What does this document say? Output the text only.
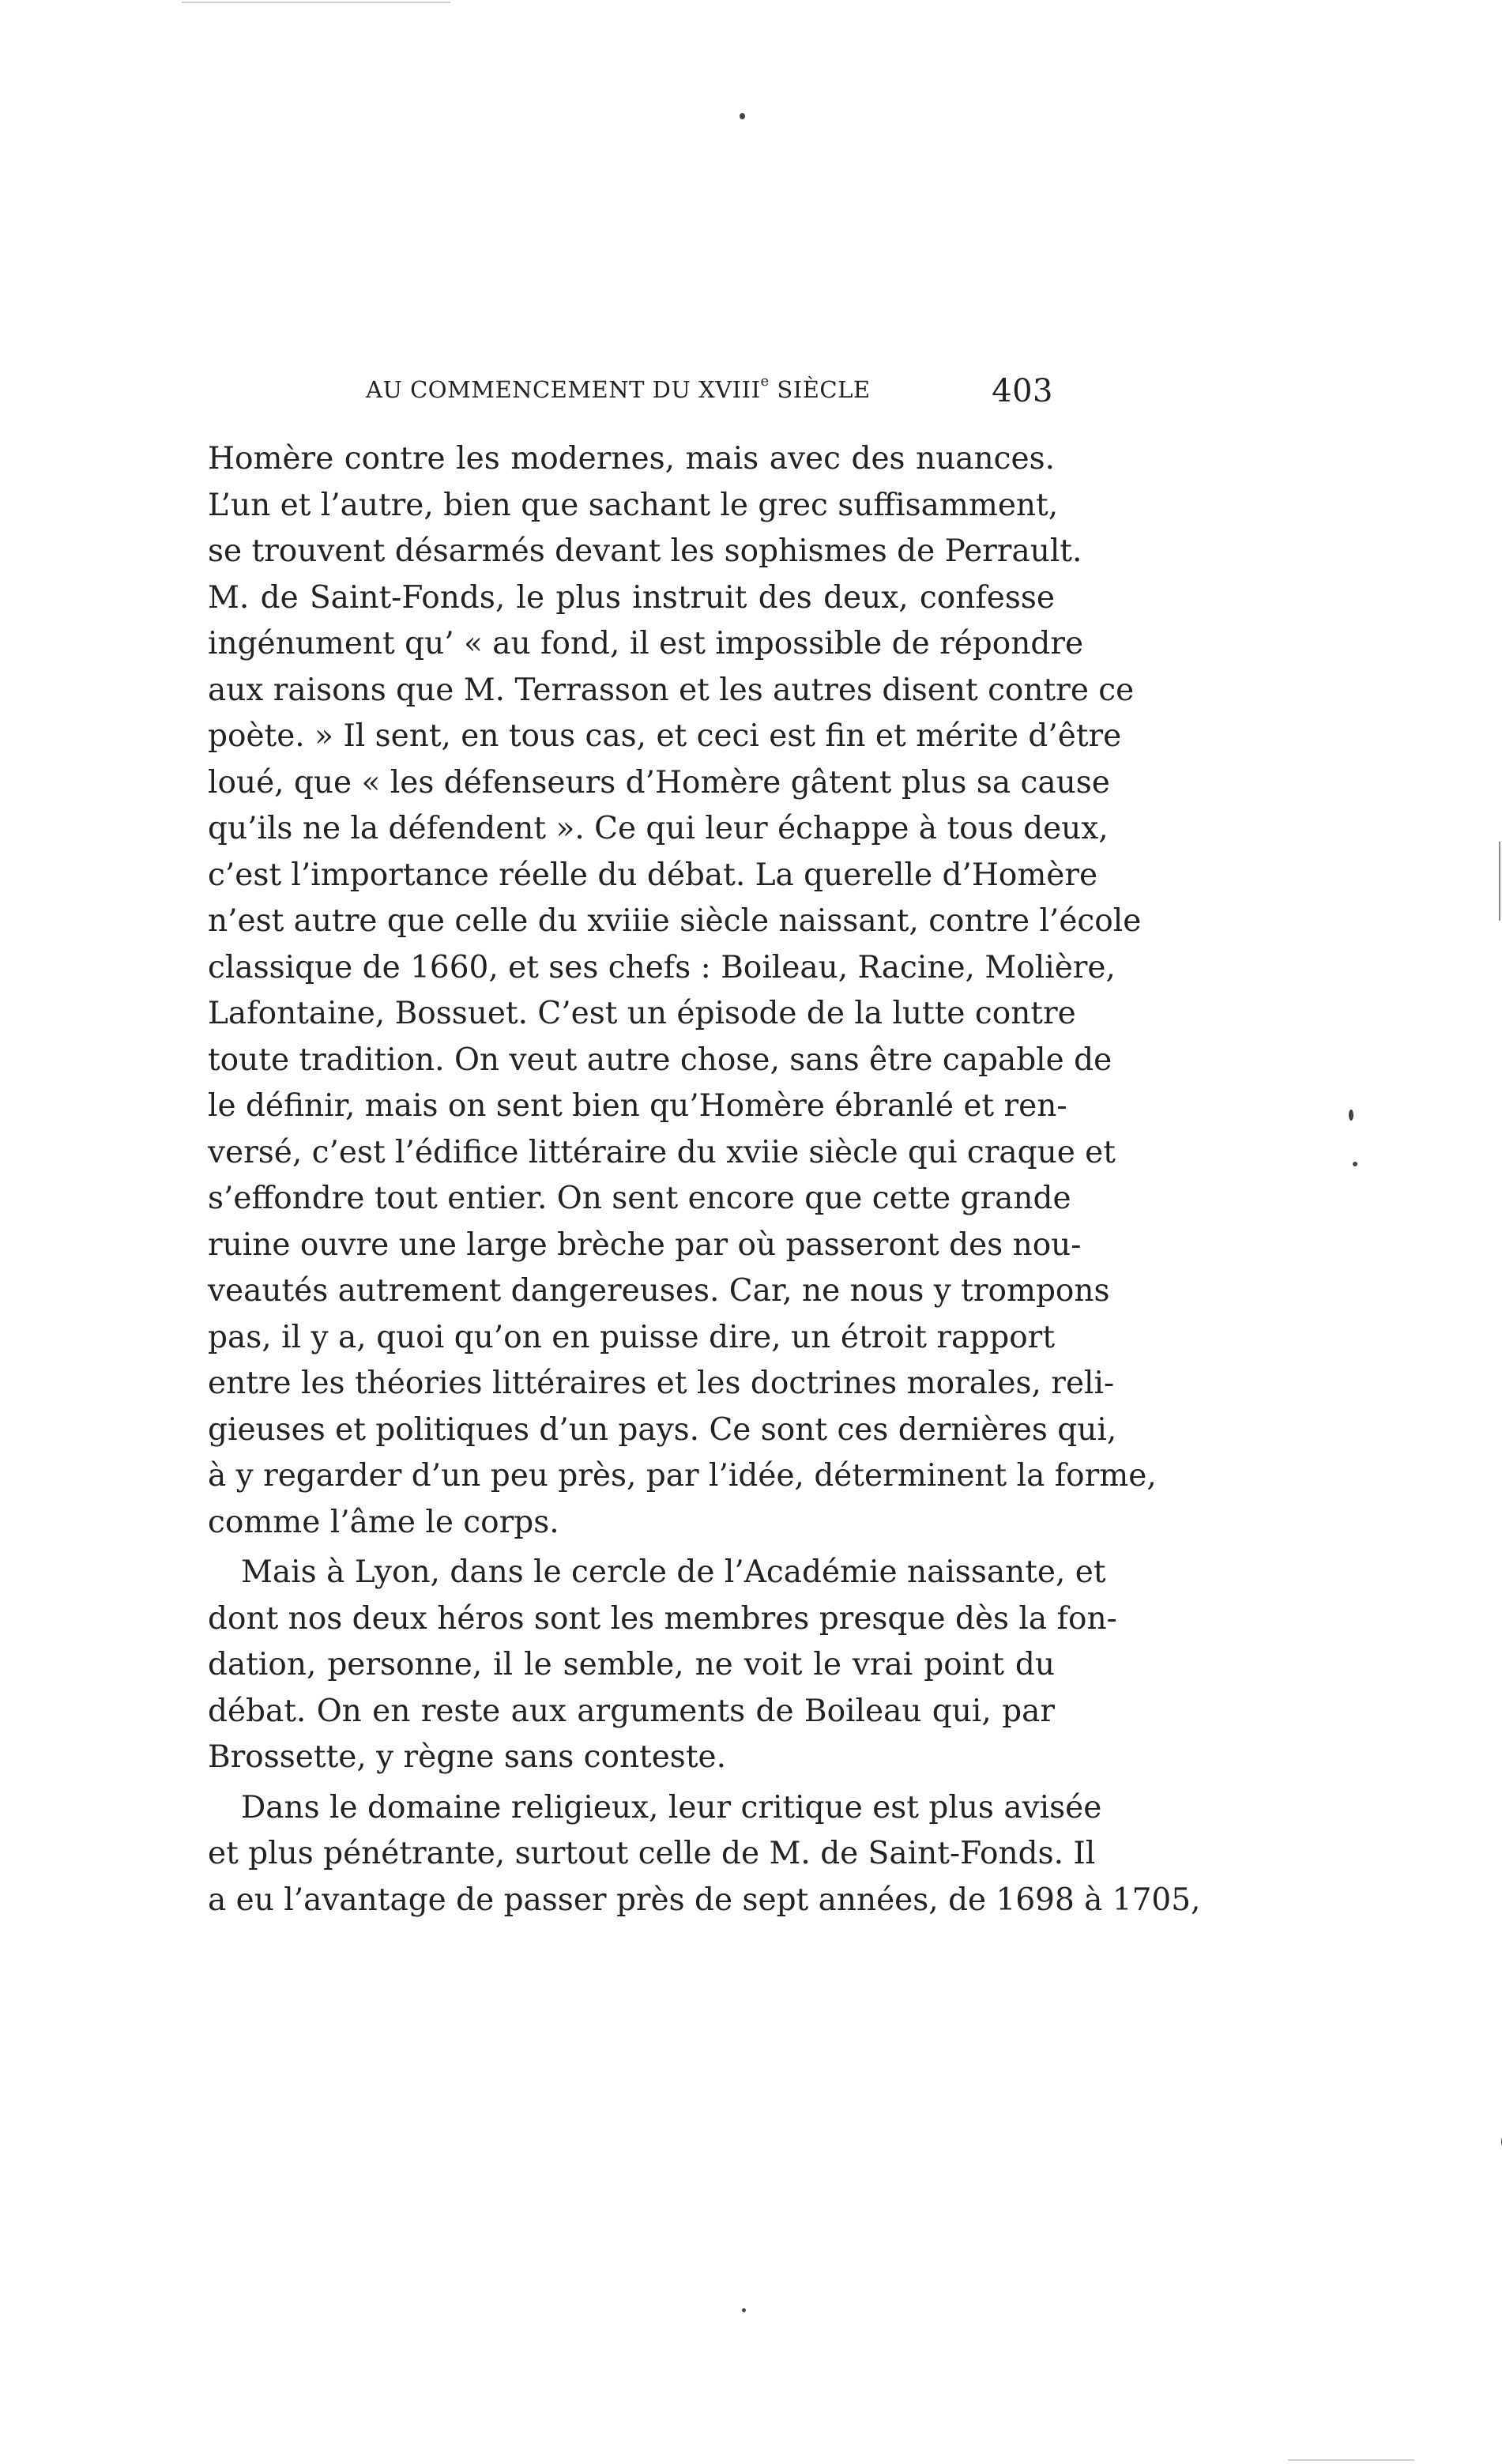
AU COMMENCEMENT DU XVIIIe SIÈCLE	403
Homère contre les modernes, mais avec des nuances.
L’un et l’autre, bien que sachant le grec suffisamment,
se trouvent désarmés devant les sophismes de Perrault.
M. de Saint-Fonds, le plus instruit des deux, confesse
ingénument qu’ « au fond, il est impossible de répondre
aux raisons que M. Terrasson et les autres disent contre ce
poète. » Il sent, en tous cas, et ceci est fin et mérite d’être
loué, que « les défenseurs d’Homère gâtent plus sa cause
qu’ils ne la défendent ». Ce qui leur échappe à tous deux,
c’est l’importance réelle du débat. La querelle d’Homère
n’est autre que celle du xviiie siècle naissant, contre l’école
classique de 1660, et ses chefs : Boileau, Racine, Molière,
Lafontaine, Bossuet. C’est un épisode de la lutte contre
toute tradition. On veut autre chose, sans être capable de
le définir, mais on sent bien qu’Homère ébranlé et ren-
versé, c’est l’édifice littéraire du xviie siècle qui craque et
s’effondre tout entier. On sent encore que cette grande
ruine ouvre une large brèche par où passeront des nou-
veautés autrement dangereuses. Car, ne nous y trompons
pas, il y a, quoi qu’on en puisse dire, un étroit rapport
entre les théories littéraires et les doctrines morales, reli-
gieuses et politiques d’un pays. Ce sont ces dernières qui,
à y regarder d’un peu près, par l’idée, déterminent la forme,
comme l’âme le corps.
Mais à Lyon, dans le cercle de l’Académie naissante, et
dont nos deux héros sont les membres presque dès la fon-
dation, personne, il le semble, ne voit le vrai point du
débat. On en reste aux arguments de Boileau qui, par
Brossette, y règne sans conteste.
Dans le domaine religieux, leur critique est plus avisée
et plus pénétrante, surtout celle de M. de Saint-Fonds. Il
a eu l’avantage de passer près de sept années, de 1698 à 1705,
